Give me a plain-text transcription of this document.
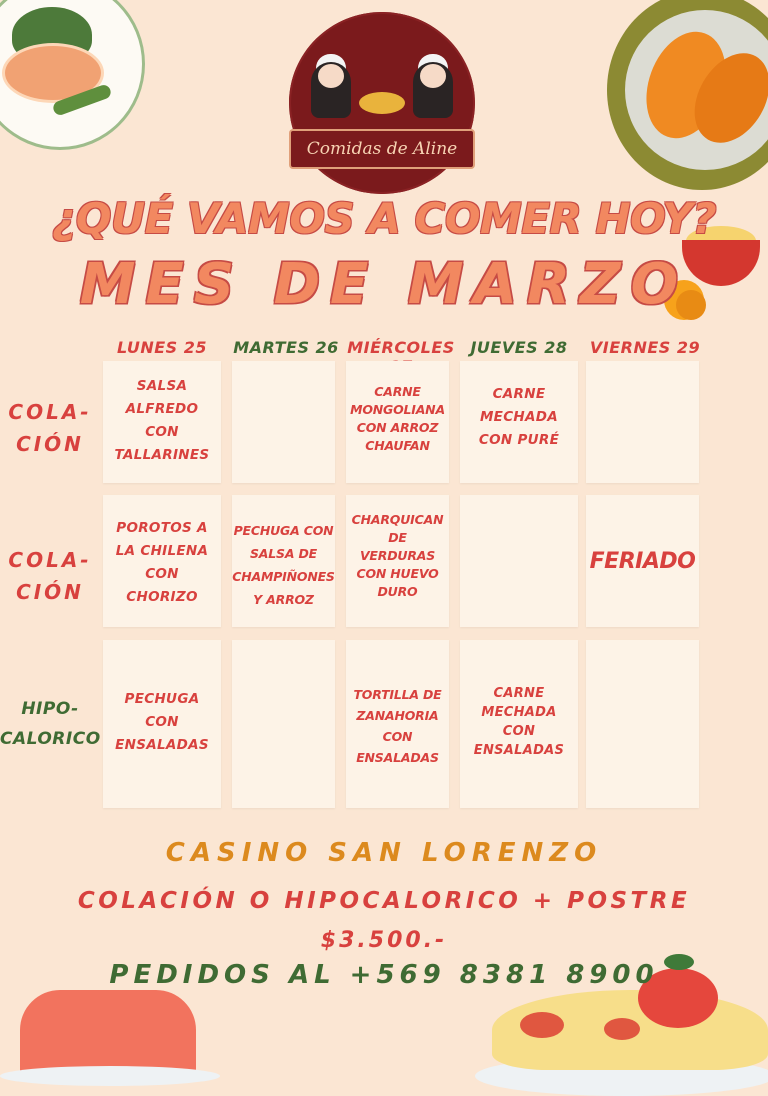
Comidas de Aline
¿QUÉ VAMOS A COMER HOY?
MES DE MARZO
LUNES 25	MARTES 26 MIÉRCOLES JUEVES 28	VIERNES 29
COLA-
CIÓN
COLA-
CIÓN
HIPO-
CALORICO
SALSA
ALFREDO
CON
TALLARINES
CARNE
MONGOLIANA
CON ARROZ
CHAUFAN
CARNE
MECHADA
CON PURÉ
POROTOS A
LA CHILENA
CON
CHORIZO
PECHUGA CON
SALSA DE
CHAMPIÑONES
Y ARROZ
CHARQUICAN
DE
VERDURAS
CON HUEVO
DURO
FERIADO
PECHUGA
CON
ENSALADAS
TORTILLA DE
ZANAHORIA
CON
ENSALADAS
CARNE
MECHADA
CON
ENSALADAS
CASINO SAN LORENZO
COLACIÓN O HIPOCALORICO + POSTRE
$3.500.-
PEDIDOS AL +569 8381 8900
